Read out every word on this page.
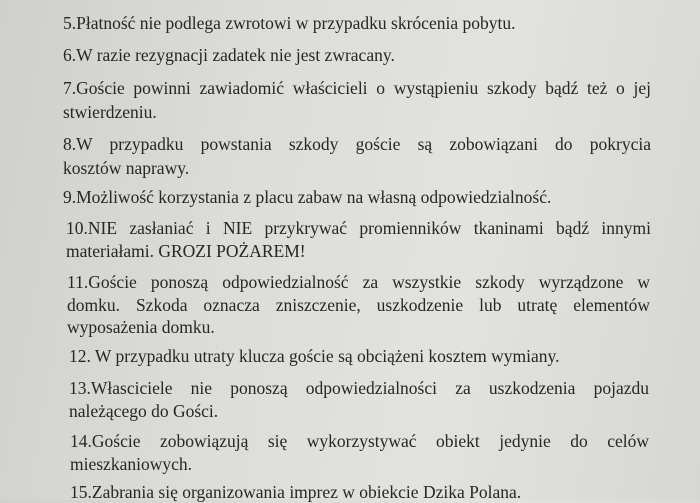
5.Płatność nie podlega zwrotowi w przypadku skrócenia pobytu.
6.W razie rezygnacji zadatek nie jest zwracany.
7.Goście powinni zawiadomić właścicieli o wystąpieniu szkody bądź też o jej
stwierdzeniu.
8.W przypadku powstania szkody goście są zobowiązani do pokrycia
kosztów naprawy.
9.Możliwość korzystania z placu zabaw na własną odpowiedzialność.
10.NIE zasłaniać i NIE przykrywać promienników tkaninami bądź innymi
materiałami. GROZI POŻAREM!
11.Goście ponoszą odpowiedzialność za wszystkie szkody wyrządzone w
domku. Szkoda oznacza zniszczenie, uszkodzenie lub utratę elementów
wyposażenia domku.
12. W przypadku utraty klucza goście są obciążeni kosztem wymiany.
13.Własciciele nie ponoszą odpowiedzialności za uszkodzenia pojazdu
należącego do Gości.
14.Goście zobowiązują się wykorzystywać obiekt jedynie do celów
mieszkaniowych.
15.Zabrania się organizowania imprez w obiekcie Dzika Polana.
